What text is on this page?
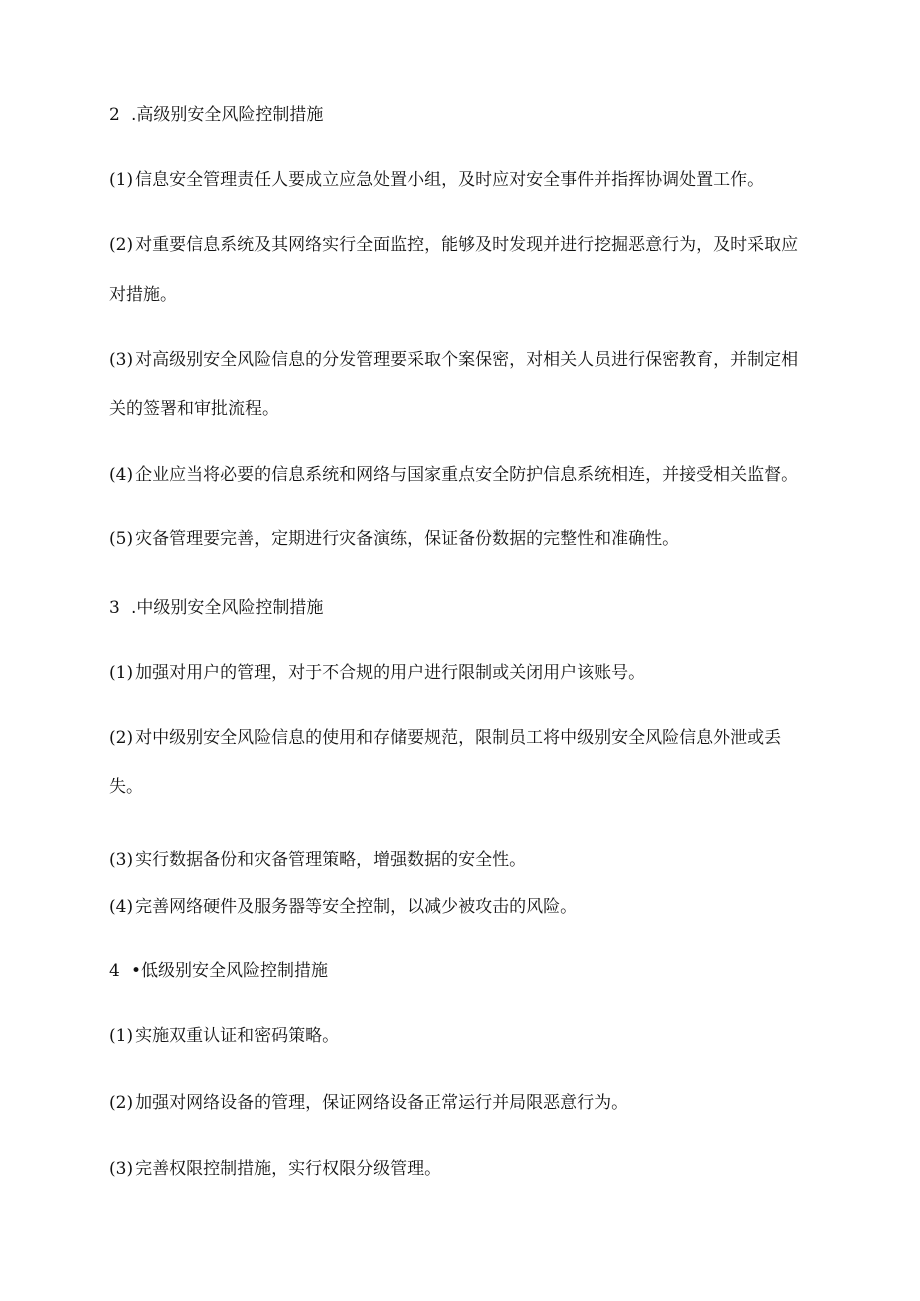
2 .高级别安全风险控制措施
(1) 信息安全管理责任人要成立应急处置小组，及时应对安全事件并指挥协调处置工作。
(2) 对重要信息系统及其网络实行全面监控，能够及时发现并进行挖掘恶意行为，及时采取应
对措施。
(3) 对高级别安全风险信息的分发管理要采取个案保密，对相关人员进行保密教育，并制定相
关的签署和审批流程。
(4) 企业应当将必要的信息系统和网络与国家重点安全防护信息系统相连，并接受相关监督。
(5) 灾备管理要完善，定期进行灾备演练，保证备份数据的完整性和准确性。
3 .中级别安全风险控制措施
(1) 加强对用户的管理，对于不合规的用户进行限制或关闭用户该账号。
(2) 对中级别安全风险信息的使用和存储要规范，限制员工将中级别安全风险信息外泄或丢
失。
(3) 实行数据备份和灾备管理策略，增强数据的安全性。
(4) 完善网络硬件及服务器等安全控制，以减少被攻击的风险。
4 •低级别安全风险控制措施
(1) 实施双重认证和密码策略。
(2) 加强对网络设备的管理，保证网络设备正常运行并局限恶意行为。
(3) 完善权限控制措施，实行权限分级管理。
